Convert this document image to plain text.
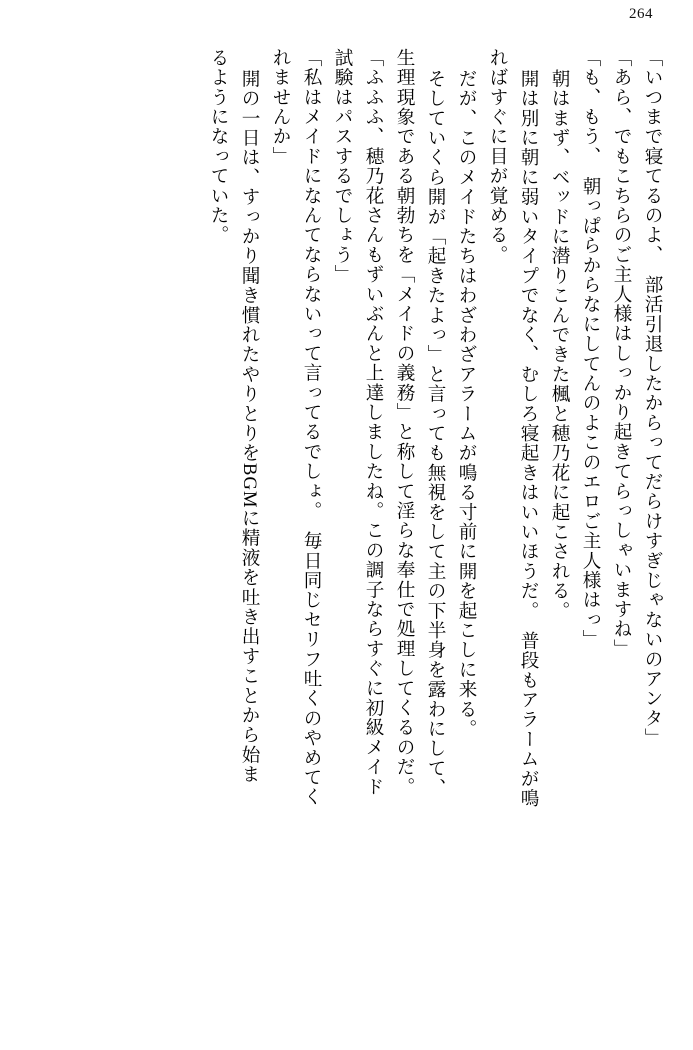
264
「いつまで寝てるのよ、　部活引退したからってだらけすぎじゃないのアンタ」
「あら、でもこちらのご主人様はしっかり起きてらっしゃいますね」
「も、もう、　朝っぱらからなにしてんのよこのエロご主人様はっ」
朝はまず、ベッドに潜りこんできた楓と穂乃花に起こされる。
開は別に朝に弱いタイプでなく、むしろ寝起きはいいほうだ。　普段もアラームが鳴
ればすぐに目が覚める。
だが、このメイドたちはわざわざアラームが鳴る寸前に開を起こしに来る。
そしていくら開が「起きたよっ」と言っても無視をして主の下半身を露わにして、
生理現象である朝勃ちを「メイドの義務」と称して淫らな奉仕で処理してくるのだ。
「ふふふ、穂乃花さんもずいぶんと上達しましたね。この調子ならすぐに初級メイド
試験はパスするでしょう」
「私はメイドになんてならないって言ってるでしょ。　毎日同じセリフ吐くのやめてく
れませんか」
開の一日は、すっかり聞き慣れたやりとりをBGMに精液を吐き出すことから始ま
るようになっていた。
